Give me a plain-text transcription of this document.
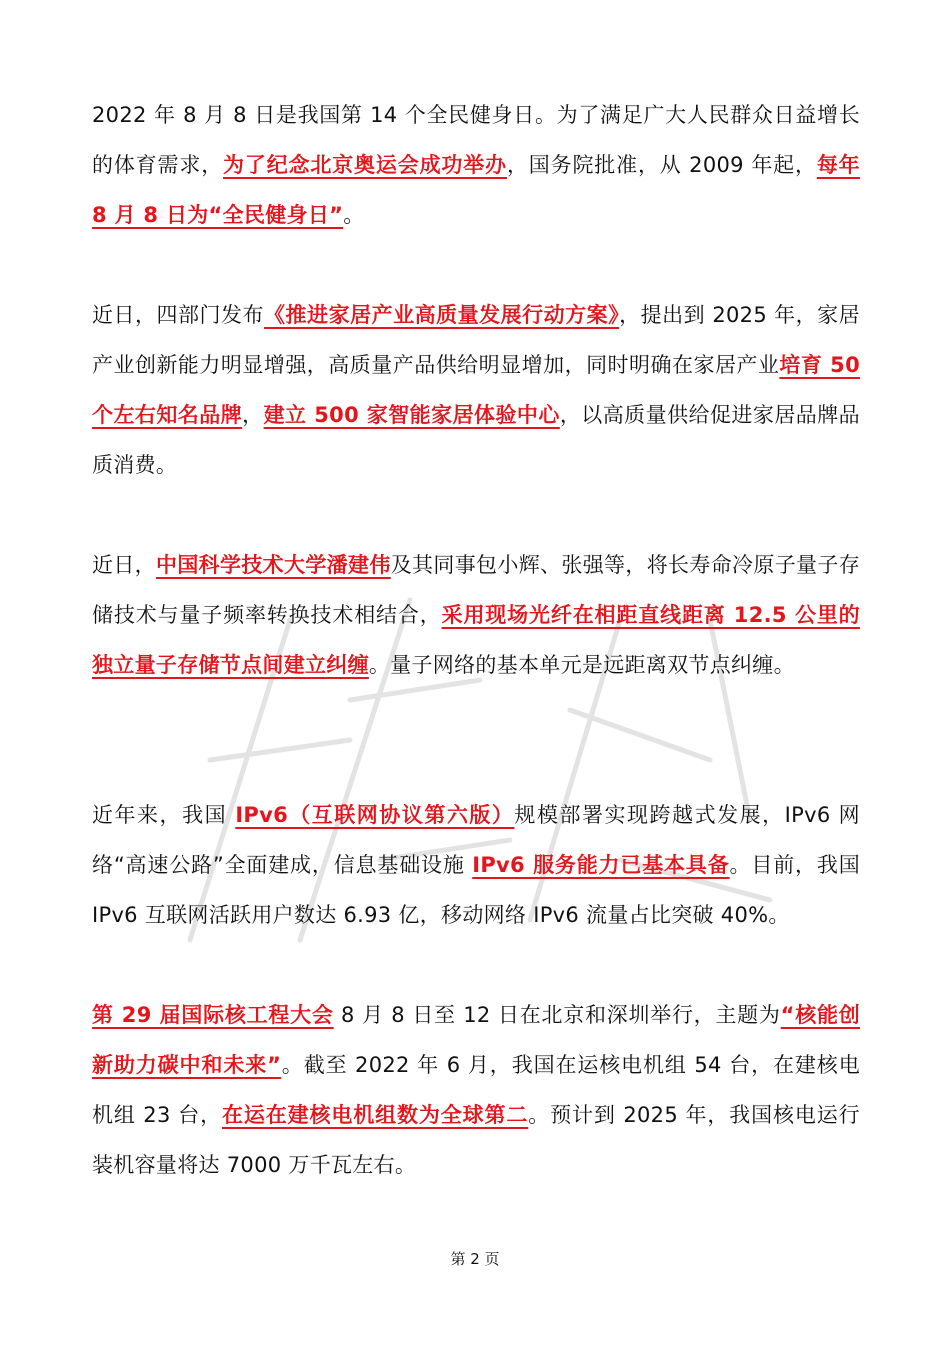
2022 年 8 月 8 日是我国第 14 个全民健身日。为了满足广大人民群众日益增长的体育需求，为了纪念北京奥运会成功举办，国务院批准，从 2009 年起，每年 8 月 8 日为“全民健身日”。
近日，四部门发布《推进家居产业高质量发展行动方案》，提出到 2025 年，家居产业创新能力明显增强，高质量产品供给明显增加，同时明确在家居产业培育 50 个左右知名品牌，建立 500 家智能家居体验中心，以高质量供给促进家居品牌品质消费。
近日，中国科学技术大学潘建伟及其同事包小辉、张强等，将长寿命冷原子量子存储技术与量子频率转换技术相结合，采用现场光纤在相距直线距离 12.5 公里的独立量子存储节点间建立纠缠。量子网络的基本单元是远距离双节点纠缠。
近年来，我国 IPv6（互联网协议第六版）规模部署实现跨越式发展，IPv6 网络“高速公路”全面建成，信息基础设施 IPv6 服务能力已基本具备。目前，我国 IPv6 互联网活跃用户数达 6.93 亿，移动网络 IPv6 流量占比突破 40%。
第 29 届国际核工程大会 8 月 8 日至 12 日在北京和深圳举行，主题为“核能创新助力碳中和未来”。截至 2022 年 6 月，我国在运核电机组 54 台，在建核电机组 23 台，在运在建核电机组数为全球第二。预计到 2025 年，我国核电运行装机容量将达 7000 万千瓦左右。
第 2 页
